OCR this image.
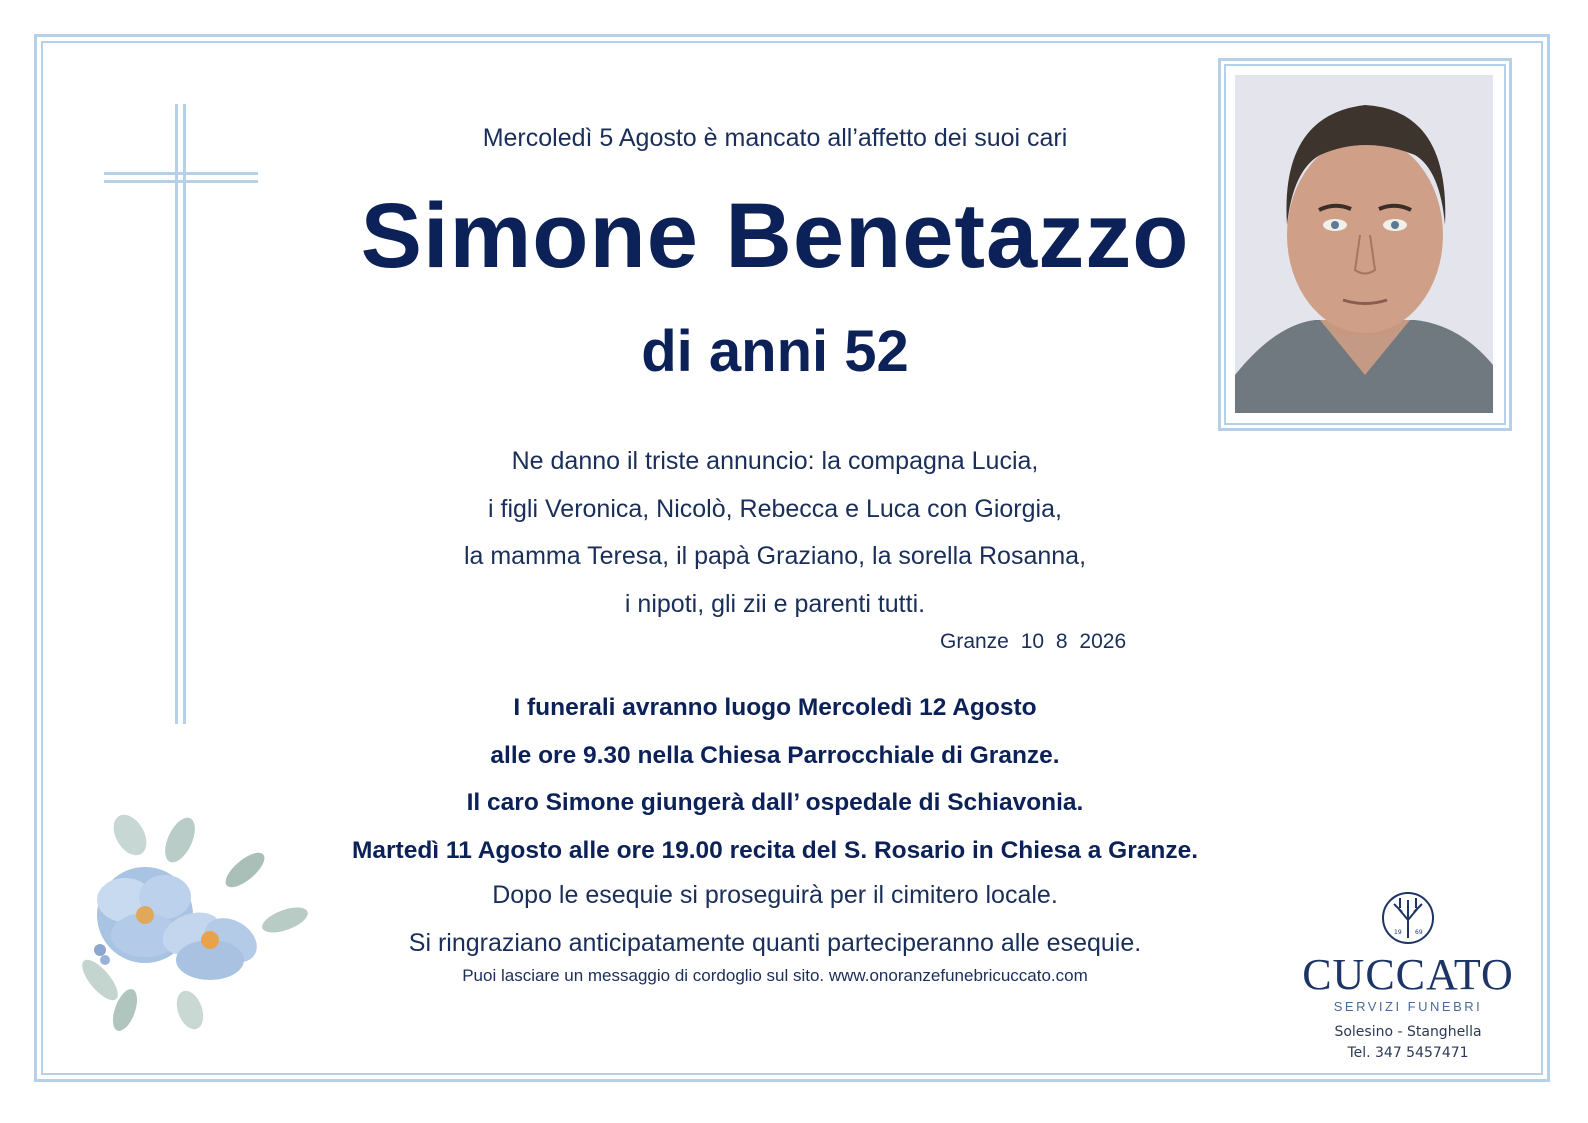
Mercoledì 5 Agosto è mancato all’affetto dei suoi cari
Simone Benetazzo
di anni 52
Ne danno il triste annuncio: la compagna Lucia,
i figli Veronica, Nicolò, Rebecca e Luca con Giorgia,
la mamma Teresa, il papà Graziano, la sorella Rosanna,
i nipoti, gli zii e parenti tutti.
Granze 10 8 2026
I funerali avranno luogo Mercoledì 12 Agosto
alle ore 9.30 nella Chiesa Parrocchiale di Granze.
Il caro Simone giungerà dall’ ospedale di Schiavonia.
Martedì 11 Agosto alle ore 19.00 recita del S. Rosario in Chiesa a Granze.
Dopo le esequie si proseguirà per il cimitero locale.
Si ringraziano anticipatamente quanti parteciperanno alle esequie.
Puoi lasciare un messaggio di cordoglio sul sito. www.onoranzefunebricuccato.com
19 69
CUCCATO
SERVIZI FUNEBRI
Solesino - Stanghella
Tel. 347 5457471
